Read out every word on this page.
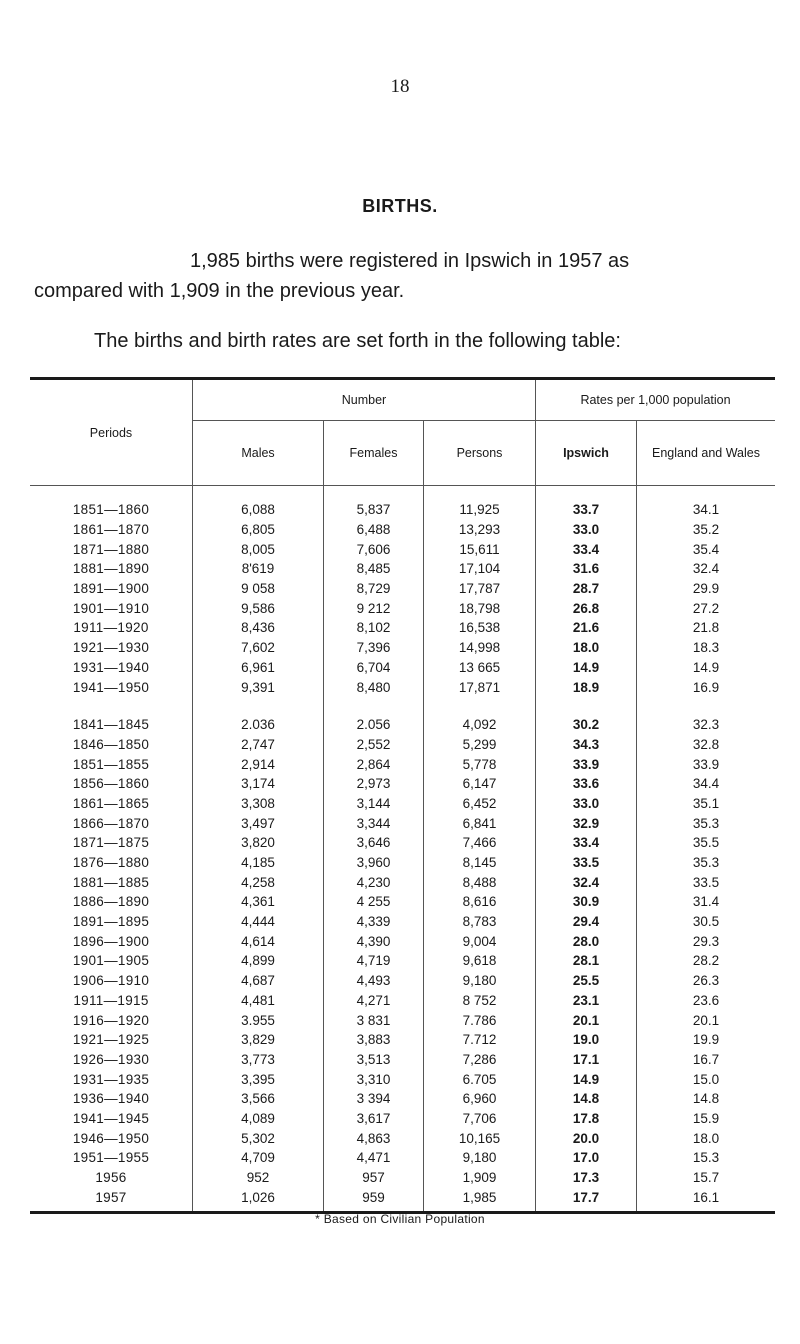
18
BIRTHS.
1,985 births were registered in Ipswich in 1957 as compared with 1,909 in the previous year.
The births and birth rates are set forth in the following table:
Periods	Number			Rates per 1,000 population	
	Males	Females	Persons	Ipswich	England and Wales

1851—1860	6,088	5,837	11,925	33.7	34.1
1861—1870	6,805	6,488	13,293	33.0	35.2
1871—1880	8,005	7,606	15,611	33.4	35.4
1881—1890	8'619	8,485	17,104	31.6	32.4
1891—1900	9 058	8,729	17,787	28.7	29.9
1901—1910	9,586	9 212	18,798	26.8	27.2
1911—1920	8,436	8,102	16,538	21.6	21.8
1921—1930	7,602	7,396	14,998	18.0	18.3
1931—1940	6,961	6,704	13 665	14.9	14.9
1941—1950	9,391	8,480	17,871	18.9	16.9

1841—1845	2.036	2.056	4,092	30.2	32.3
1846—1850	2,747	2,552	5,299	34.3	32.8
1851—1855	2,914	2,864	5,778	33.9	33.9
1856—1860	3,174	2,973	6,147	33.6	34.4
1861—1865	3,308	3,144	6,452	33.0	35.1
1866—1870	3,497	3,344	6,841	32.9	35.3
1871—1875	3,820	3,646	7,466	33.4	35.5
1876—1880	4,185	3,960	8,145	33.5	35.3
1881—1885	4,258	4,230	8,488	32.4	33.5
1886—1890	4,361	4 255	8,616	30.9	31.4
1891—1895	4,444	4,339	8,783	29.4	30.5
1896—1900	4,614	4,390	9,004	28.0	29.3
1901—1905	4,899	4,719	9,618	28.1	28.2
1906—1910	4,687	4,493	9,180	25.5	26.3
1911—1915	4,481	4,271	8 752	23.1	23.6
1916—1920	3.955	3 831	7.786	20.1	20.1
1921—1925	3,829	3,883	7.712	19.0	19.9
1926—1930	3,773	3,513	7,286	17.1	16.7
1931—1935	3,395	3,310	6.705	14.9	15.0
1936—1940	3,566	3 394	6,960	14.8	14.8
1941—1945	4,089	3,617	7,706	17.8	15.9
1946—1950	5,302	4,863	10,165	20.0	18.0
1951—1955	4,709	4,471	9,180	17.0	15.3
1956	952	957	1,909	17.3	15.7
1957	1,026	959	1,985	17.7	16.1
* Based on Civilian Population
